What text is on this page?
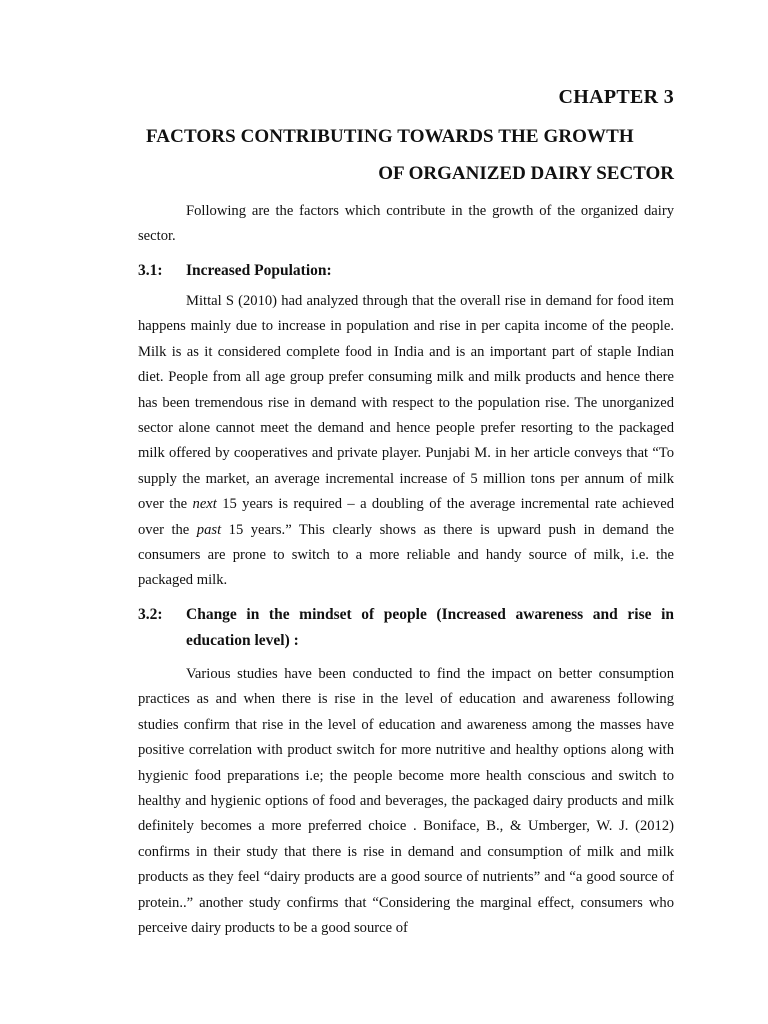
CHAPTER 3
FACTORS CONTRIBUTING TOWARDS THE GROWTH
OF ORGANIZED DAIRY SECTOR

Following are the factors which contribute in the growth of the organized dairy sector.

3.1: Increased Population:

Mittal S (2010) had analyzed through that the overall rise in demand for food item happens mainly due to increase in population and rise in per capita income of the people. Milk is as it considered complete food in India and is an important part of staple Indian diet. People from all age group prefer consuming milk and milk products and hence there has been tremendous rise in demand with respect to the population rise. The unorganized sector alone cannot meet the demand and hence people prefer resorting to the packaged milk offered by cooperatives and private player. Punjabi M. in her article conveys that “To supply the market, an average incremental increase of 5 million tons per annum of milk over the next 15 years is required – a doubling of the average incremental rate achieved over the past 15 years.” This clearly shows as there is upward push in demand the consumers are prone to switch to a more reliable and handy source of milk, i.e. the packaged milk.

3.2: Change in the mindset of people (Increased awareness and rise in education level) :

Various studies have been conducted to find the impact on better consumption practices as and when there is rise in the level of education and awareness following studies confirm that rise in the level of education and awareness among the masses have positive correlation with product switch for more nutritive and healthy options along with hygienic food preparations i.e; the people become more health conscious and switch to healthy and hygienic options of food and beverages, the packaged dairy products and milk definitely becomes a more preferred choice . Boniface, B., & Umberger, W. J. (2012) confirms in their study that there is rise in demand and consumption of milk and milk products as they feel “dairy products are a good source of nutrients” and “a good source of protein..” another study confirms that “Considering the marginal effect, consumers who perceive dairy products to be a good source of
